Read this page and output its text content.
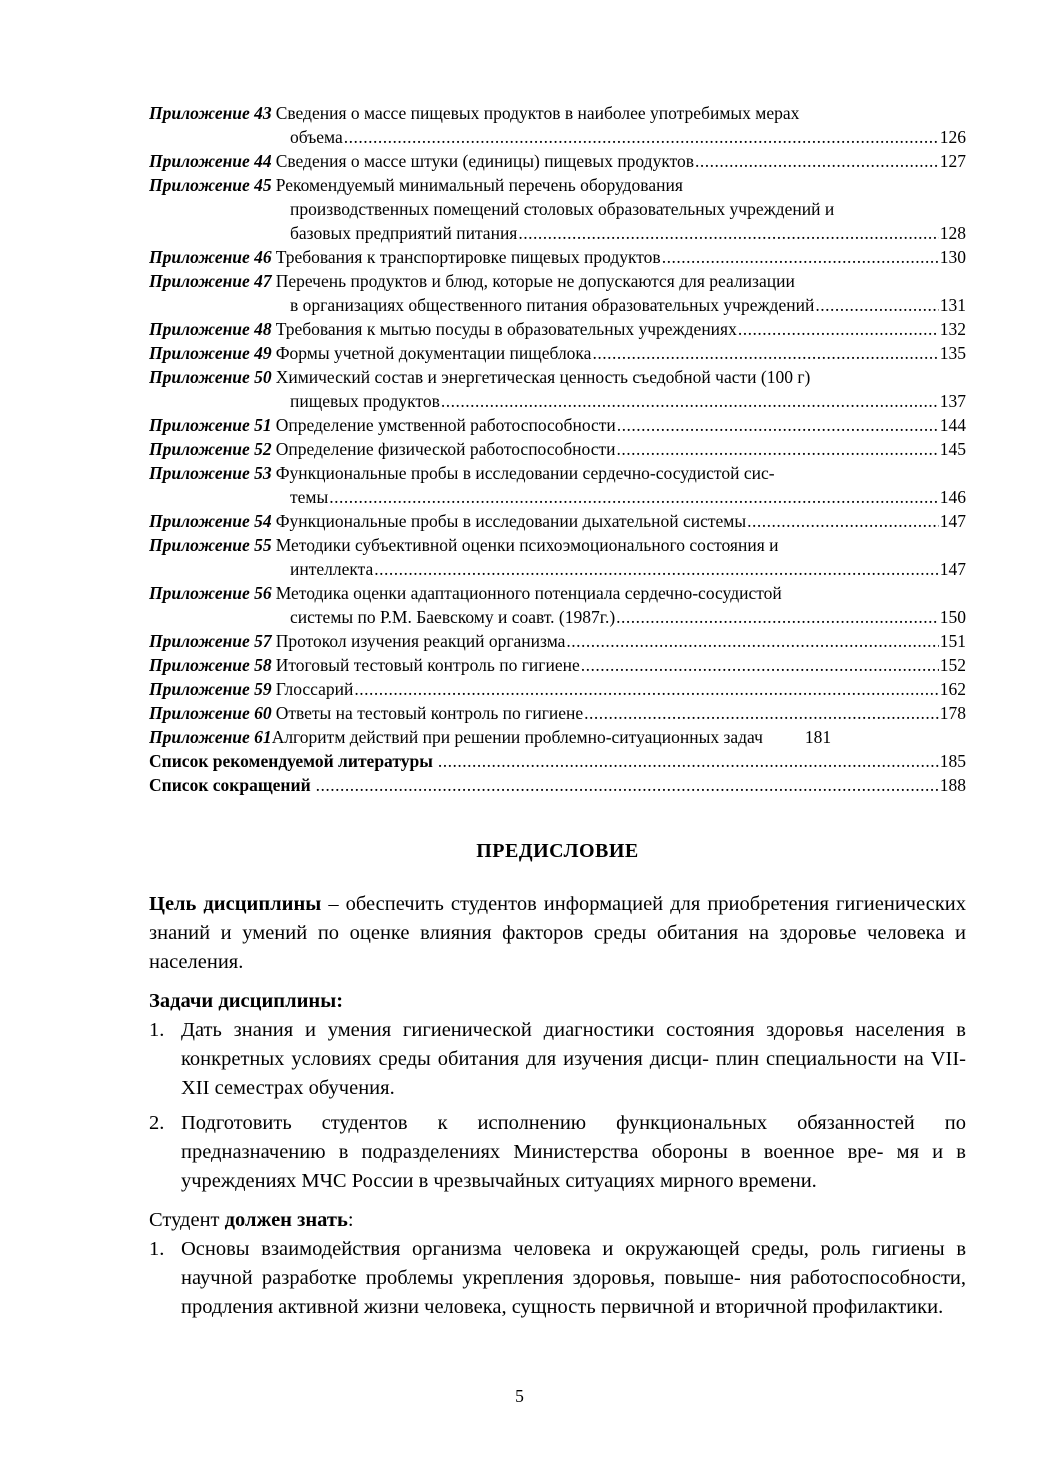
Приложение 43 Сведения о массе пищевых продуктов в наиболее употребимых мерах
объема .....	126
Приложение 44 Сведения о массе штуки (единицы) пищевых продуктов .....	127
Приложение 45 Рекомендуемый минимальный перечень оборудования
производственных помещений столовых образовательных учреждений и
базовых предприятий питания .....	128
Приложение 46 Требования к транспортировке пищевых продуктов .....	130
Приложение 47 Перечень продуктов и блюд, которые не допускаются для реализации
в организациях общественного питания образовательных учреждений .....	131
Приложение 48 Требования к мытью посуды в образовательных учреждениях .....	132
Приложение 49 Формы учетной документации пищеблока .....	135
Приложение 50 Химический состав и энергетическая ценность съедобной части (100 г)
пищевых продуктов .....	137
Приложение 51 Определение умственной работоспособности .....	144
Приложение 52 Определение физической работоспособности .....	145
Приложение 53 Функциональные пробы в исследовании сердечно-сосудистой сис-
темы .....	146
Приложение 54 Функциональные пробы в исследовании дыхательной системы .....	147
Приложение 55 Методики субъективной оценки психоэмоционального состояния и
интеллекта .....	147
Приложение 56 Методика оценки адаптационного потенциала сердечно-сосудистой
системы по Р.М. Баевскому и соавт. (1987г.) .....	150
Приложение 57 Протокол изучения реакций организма .....	151
Приложение 58 Итоговый тестовый контроль по гигиене .....	152
Приложение 59 Глоссарий .....	162
Приложение 60 Ответы на тестовый контроль по гигиене .....	178
Приложение 61 Алгоритм действий при решении проблемно-ситуационных задач 181
Список рекомендуемой литературы .....	185
Список сокращений .....	188
ПРЕДИСЛОВИЕ

Цель дисциплины – обеспечить студентов информацией для приобретения гигиенических знаний и умений по оценке влияния факторов среды обитания на здоровье человека и населения.

Задачи дисциплины:

1. Дать знания и умения гигиенической диагностики состояния здоровья населения в конкретных условиях среды обитания для изучения дисци- плин специальности на VII-XII семестрах обучения.
2. Подготовить студентов к исполнению функциональных обязанностей по предназначению в подразделениях Министерства обороны в военное вре- мя и в учреждениях МЧС России в чрезвычайных ситуациях мирного времени.

Студент должен знать:

1. Основы взаимодействия организма человека и окружающей среды, роль гигиены в научной разработке проблемы укрепления здоровья, повыше- ния работоспособности, продления активной жизни человека, сущность первичной и вторичной профилактики.
5
